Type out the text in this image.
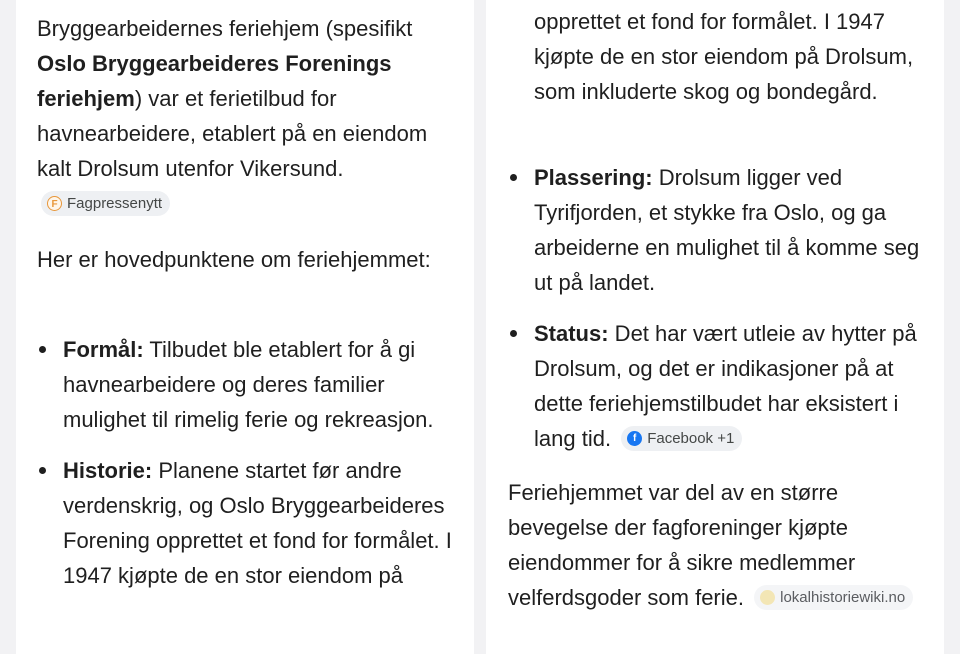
Bryggearbeidernes feriehjem (spesifikt Oslo Bryggearbeideres Forenings feriehjem) var et ferietilbud for havnearbeidere, etablert på en eiendom kalt Drolsum utenfor Vikersund.
F Fagpressenytt

Her er hovedpunktene om feriehjemmet:

Formål: Tilbudet ble etablert for å gi havnearbeidere og deres familier mulighet til rimelig ferie og rekreasjon.
Historie: Planene startet før andre verdenskrig, og Oslo Bryggearbeideres Forening opprettet et fond for formålet. I 1947 kjøpte de en stor eiendom på

opprettet et fond for formålet. I 1947 kjøpte de en stor eiendom på Drolsum, som inkluderte skog og bondegård.

Plassering: Drolsum ligger ved Tyrifjorden, et stykke fra Oslo, og ga arbeiderne en mulighet til å komme seg ut på landet.
Status: Det har vært utleie av hytter på Drolsum, og det er indikasjoner på at dette feriehjemstilbudet har eksistert i lang tid.	f Facebook +1

Feriehjemmet var del av en større bevegelse der fagforeninger kjøpte eiendommer for å sikre medlemmer velferdsgoder som ferie. lokalhistoriewiki.no
